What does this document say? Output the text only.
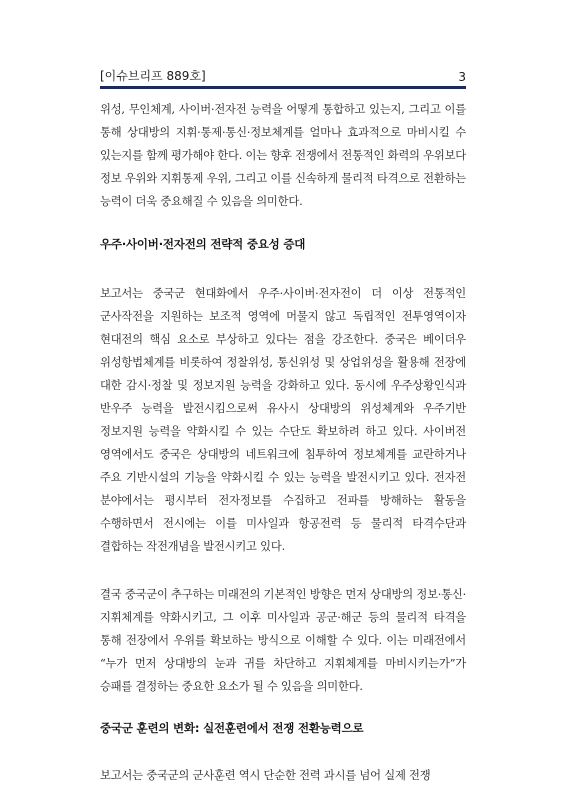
[이슈브리프 889호]	3

위성, 무인체계, 사이버·전자전 능력을 어떻게 통합하고 있는지, 그리고 이를 통해 상대방의 지휘·통제·통신·정보체계를 얼마나 효과적으로 마비시킬 수 있는지를 함께 평가해야 한다. 이는 향후 전쟁에서 전통적인 화력의 우위보다 정보 우위와 지휘통제 우위, 그리고 이를 신속하게 물리적 타격으로 전환하는 능력이 더욱 중요해질 수 있음을 의미한다.

우주·사이버·전자전의 전략적 중요성 증대

보고서는 중국군 현대화에서 우주·사이버·전자전이 더 이상 전통적인 군사작전을 지원하는 보조적 영역에 머물지 않고 독립적인 전투영역이자 현대전의 핵심 요소로 부상하고 있다는 점을 강조한다. 중국은 베이더우 위성항법체계를 비롯하여 정찰위성, 통신위성 및 상업위성을 활용해 전장에 대한 감시·정찰 및 정보지원 능력을 강화하고 있다. 동시에 우주상황인식과 반우주 능력을 발전시킴으로써 유사시 상대방의 위성체계와 우주기반 정보지원 능력을 약화시킬 수 있는 수단도 확보하려 하고 있다. 사이버전 영역에서도 중국은 상대방의 네트워크에 침투하여 정보체계를 교란하거나 주요 기반시설의 기능을 약화시킬 수 있는 능력을 발전시키고 있다. 전자전 분야에서는 평시부터 전자정보를 수집하고 전파를 방해하는 활동을 수행하면서 전시에는 이를 미사일과 항공전력 등 물리적 타격수단과 결합하는 작전개념을 발전시키고 있다.

결국 중국군이 추구하는 미래전의 기본적인 방향은 먼저 상대방의 정보·통신·지휘체계를 약화시키고, 그 이후 미사일과 공군·해군 등의 물리적 타격을 통해 전장에서 우위를 확보하는 방식으로 이해할 수 있다. 이는 미래전에서 “누가 먼저 상대방의 눈과 귀를 차단하고 지휘체계를 마비시키는가”가 승패를 결정하는 중요한 요소가 될 수 있음을 의미한다.

중국군 훈련의 변화: 실전훈련에서 전쟁 전환능력으로

보고서는 중국군의 군사훈련 역시 단순한 전력 과시를 넘어 실제 전쟁
